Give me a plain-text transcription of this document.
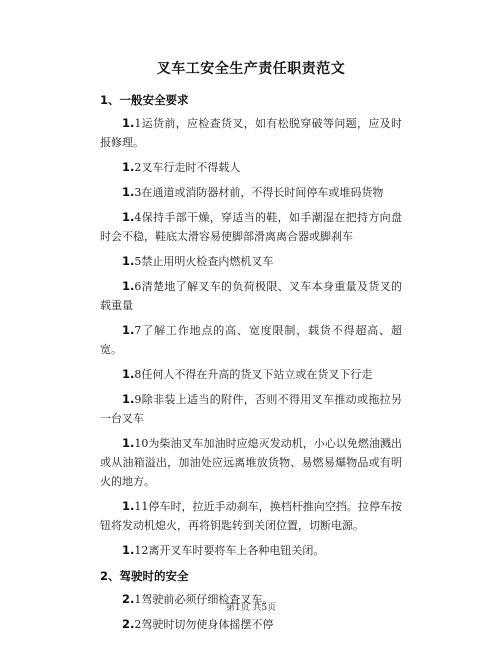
叉车工安全生产责任职责范文
1、一般安全要求

1.1运货前，应检查货叉，如有松脱穿破等问题，应及时报修理。

1.2叉车行走时不得载人

1.3在通道或消防器材前，不得长时间停车或堆码货物

1.4保持手部干燥，穿适当的鞋，如手潮湿在把持方向盘时会不稳，鞋底太滑容易使脚部滑离离合器或脚刹车

1.5禁止用明火检查内燃机叉车

1.6清楚地了解叉车的负荷极限、叉车本身重量及货叉的载重量

1.7了解工作地点的高、宽度限制，载货不得超高、超宽。

1.8任何人不得在升高的货叉下站立或在货叉下行走

1.9除非装上适当的附件，否则不得用叉车推动或拖拉另一台叉车

1.10为柴油叉车加油时应熄灭发动机，小心以免燃油溅出或从油箱溢出，加油处应远离堆放货物、易燃易爆物品或有明火的地方。

1.11停车时，拉近手动刹车，换档杆推向空挡。拉停车按钮将发动机熄火，再将钥匙转到关闭位置，切断电源。

1.12离开叉车时要将车上各种电钮关闭。

2、驾驶时的安全

2.1驾驶前必须仔细检查叉车。

2.2驾驶时切勿使身体摇摆不停

第1页 共5页
